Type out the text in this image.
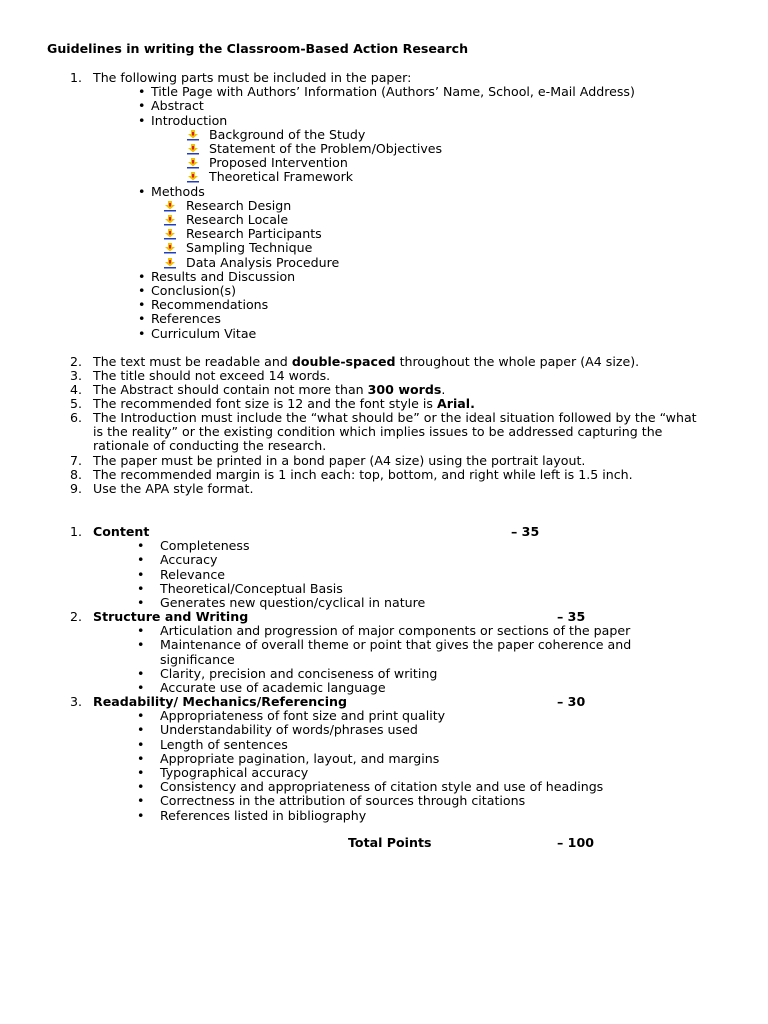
Guidelines in writing the Classroom-Based Action Research
1. The following parts must be included in the paper:
• Title Page with Authors’ Information (Authors’ Name, School, e-Mail Address)
• Abstract
• Introduction
Background of the Study
Statement of the Problem/Objectives
Proposed Intervention
Theoretical Framework
• Methods
Research Design
Research Locale
Research Participants
Sampling Technique
Data Analysis Procedure
• Results and Discussion
• Conclusion(s)
• Recommendations
• References
• Curriculum Vitae
2. The text must be readable and double-spaced throughout the whole paper (A4 size).
3. The title should not exceed 14 words.
4. The Abstract should contain not more than 300 words.
5. The recommended font size is 12 and the font style is Arial.
6. The Introduction must include the “what should be” or the ideal situation followed by the “what
is the reality” or the existing condition which implies issues to be addressed capturing the
rationale of conducting the research.
7. The paper must be printed in a bond paper (A4 size) using the portrait layout.
8. The recommended margin is 1 inch each: top, bottom, and right while left is 1.5 inch.
9. Use the APA style format.
1. Content	– 35
• Completeness
• Accuracy
• Relevance
• Theoretical/Conceptual Basis
• Generates new question/cyclical in nature
2. Structure and Writing	– 35
• Articulation and progression of major components or sections of the paper
• Maintenance of overall theme or point that gives the paper coherence and
significance
• Clarity, precision and conciseness of writing
• Accurate use of academic language
3. Readability/ Mechanics/Referencing	– 30
• Appropriateness of font size and print quality
• Understandability of words/phrases used
• Length of sentences
• Appropriate pagination, layout, and margins
• Typographical accuracy
• Consistency and appropriateness of citation style and use of headings
• Correctness in the attribution of sources through citations
• References listed in bibliography
Total Points	– 100
